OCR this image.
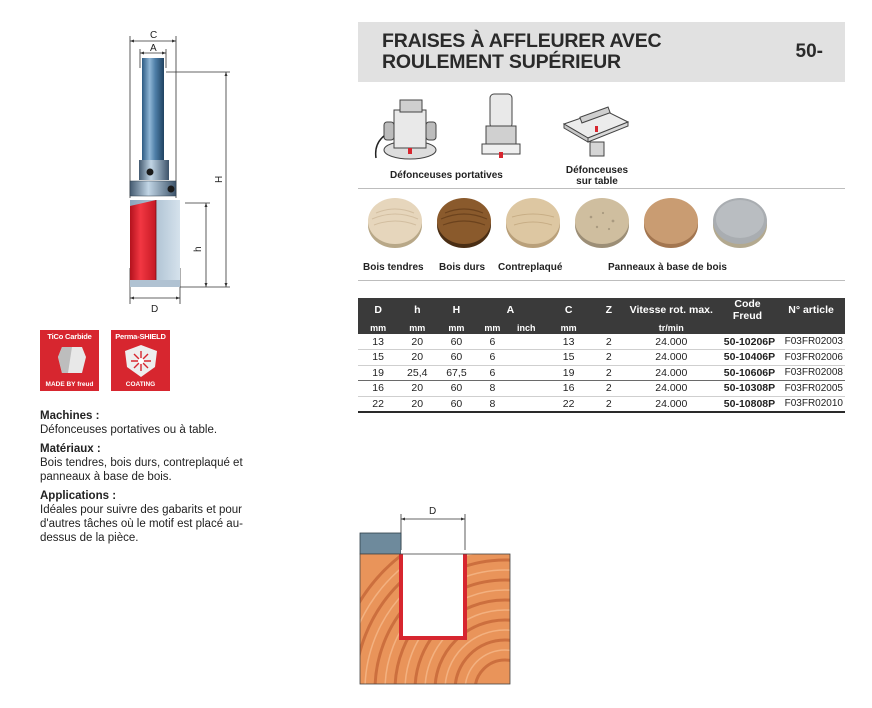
C
A
H
h
D
TiCo Carbide
MADE BY freud
Perma-SHIELD
COATING
FRAISES À AFFLEURER AVEC
ROULEMENT SUPÉRIEUR	50-
Défonceuses portatives	Défonceuses
sur table
Bois tendres Bois durs Contreplaqué	Panneaux à base de bois
D	h	H	A		C	Z	Vitesse rot. max.	Code Freud	N° article
mm	mm	mm	mm	inch	mm		tr/min		
13	20	60	6		13	2	24.000	50-10206P	F03FR02003
15	20	60	6		15	2	24.000	50-10406P	F03FR02006
19	25,4	67,5	6		19	2	24.000	50-10606P	F03FR02008
16	20	60	8		16	2	24.000	50-10308P	F03FR02005
22	20	60	8		22	2	24.000	50-10808P	F03FR02010
Machines :
Défonceuses portatives ou à table.
Matériaux :
Bois tendres, bois durs, contreplaqué et panneaux à base de bois.
Applications :
Idéales pour suivre des gabarits et pour d'autres tâches où le motif est placé au-dessus de la pièce.
D
